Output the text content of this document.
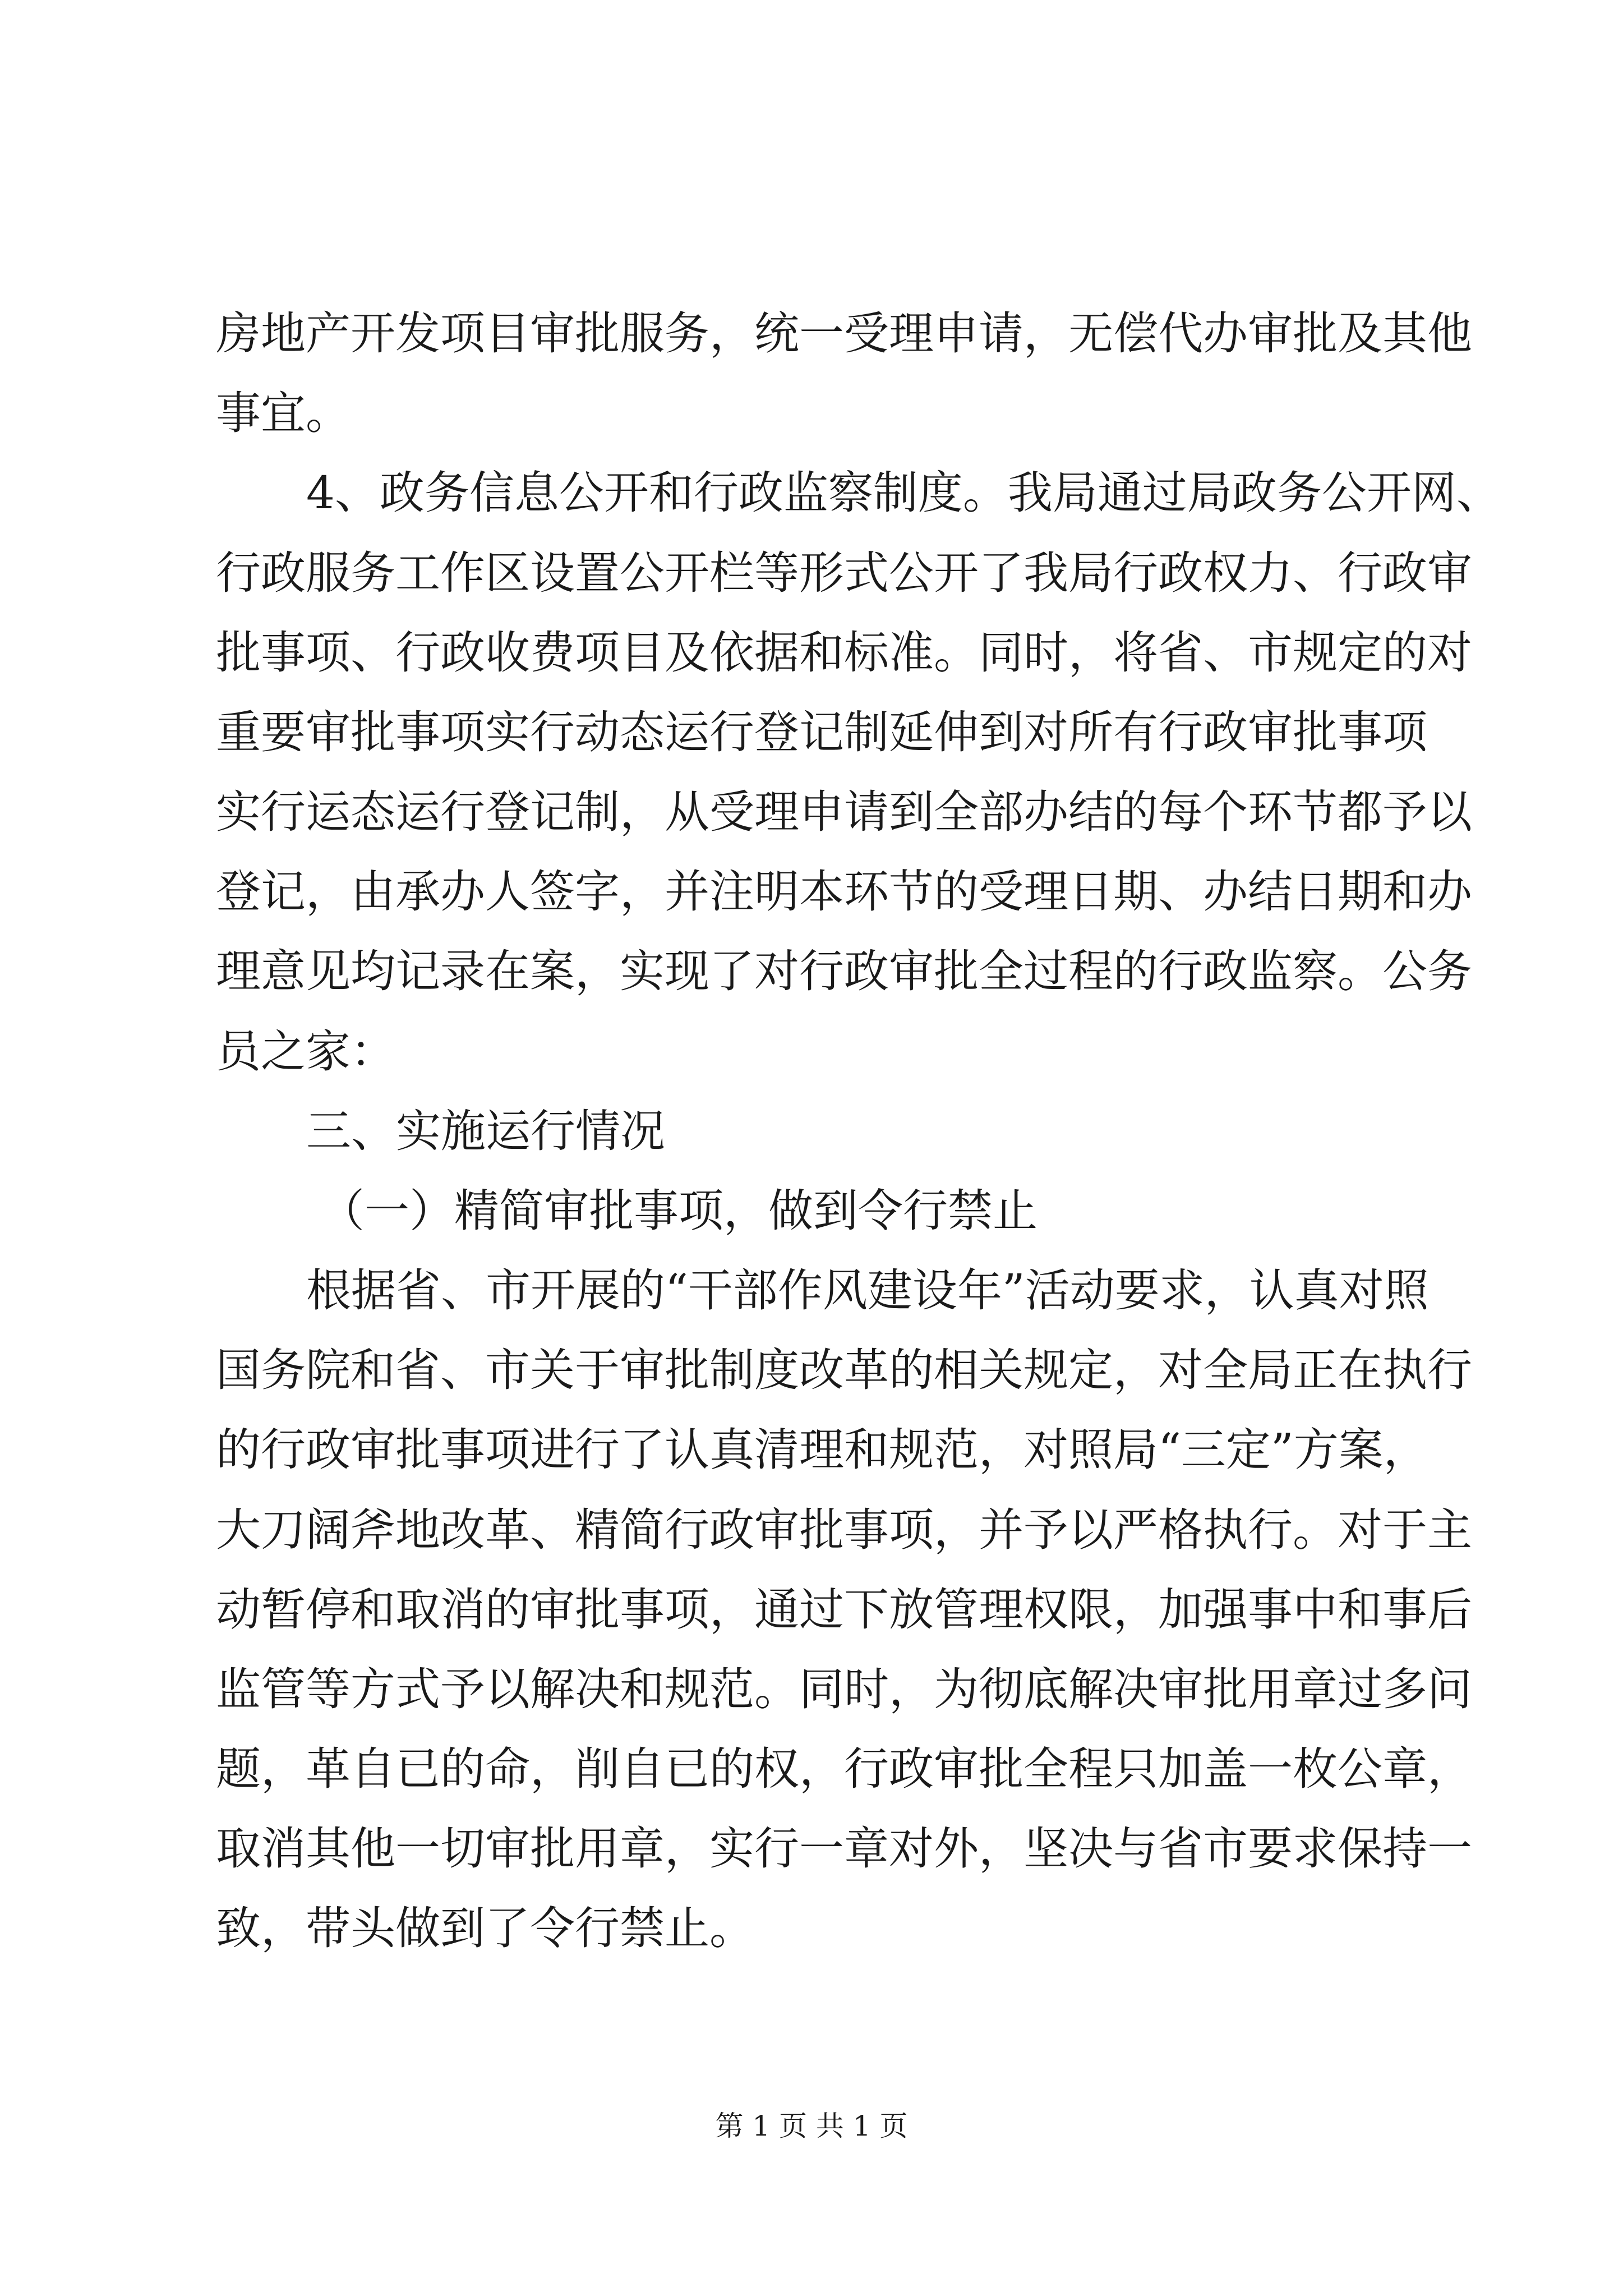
房地产开发项目审批服务，统一受理申请，无偿代办审批及其他
事宜。
4、政务信息公开和行政监察制度。我局通过局政务公开网、
行政服务工作区设置公开栏等形式公开了我局行政权力、行政审
批事项、行政收费项目及依据和标准。同时，将省、市规定的对
重要审批事项实行动态运行登记制延伸到对所有行政审批事项
实行运态运行登记制，从受理申请到全部办结的每个环节都予以
登记，由承办人签字，并注明本环节的受理日期、办结日期和办
理意见均记录在案，实现了对行政审批全过程的行政监察。公务
员之家：
三、实施运行情况
（一）精简审批事项，做到令行禁止
根据省、市开展的“干部作风建设年”活动要求，认真对照
国务院和省、市关于审批制度改革的相关规定，对全局正在执行
的行政审批事项进行了认真清理和规范，对照局“三定”方案，
大刀阔斧地改革、精简行政审批事项，并予以严格执行。对于主
动暂停和取消的审批事项，通过下放管理权限，加强事中和事后
监管等方式予以解决和规范。同时，为彻底解决审批用章过多问
题，革自已的命，削自已的权，行政审批全程只加盖一枚公章，
取消其他一切审批用章，实行一章对外，坚决与省市要求保持一
致，带头做到了令行禁止。
第 1 页 共 1 页
